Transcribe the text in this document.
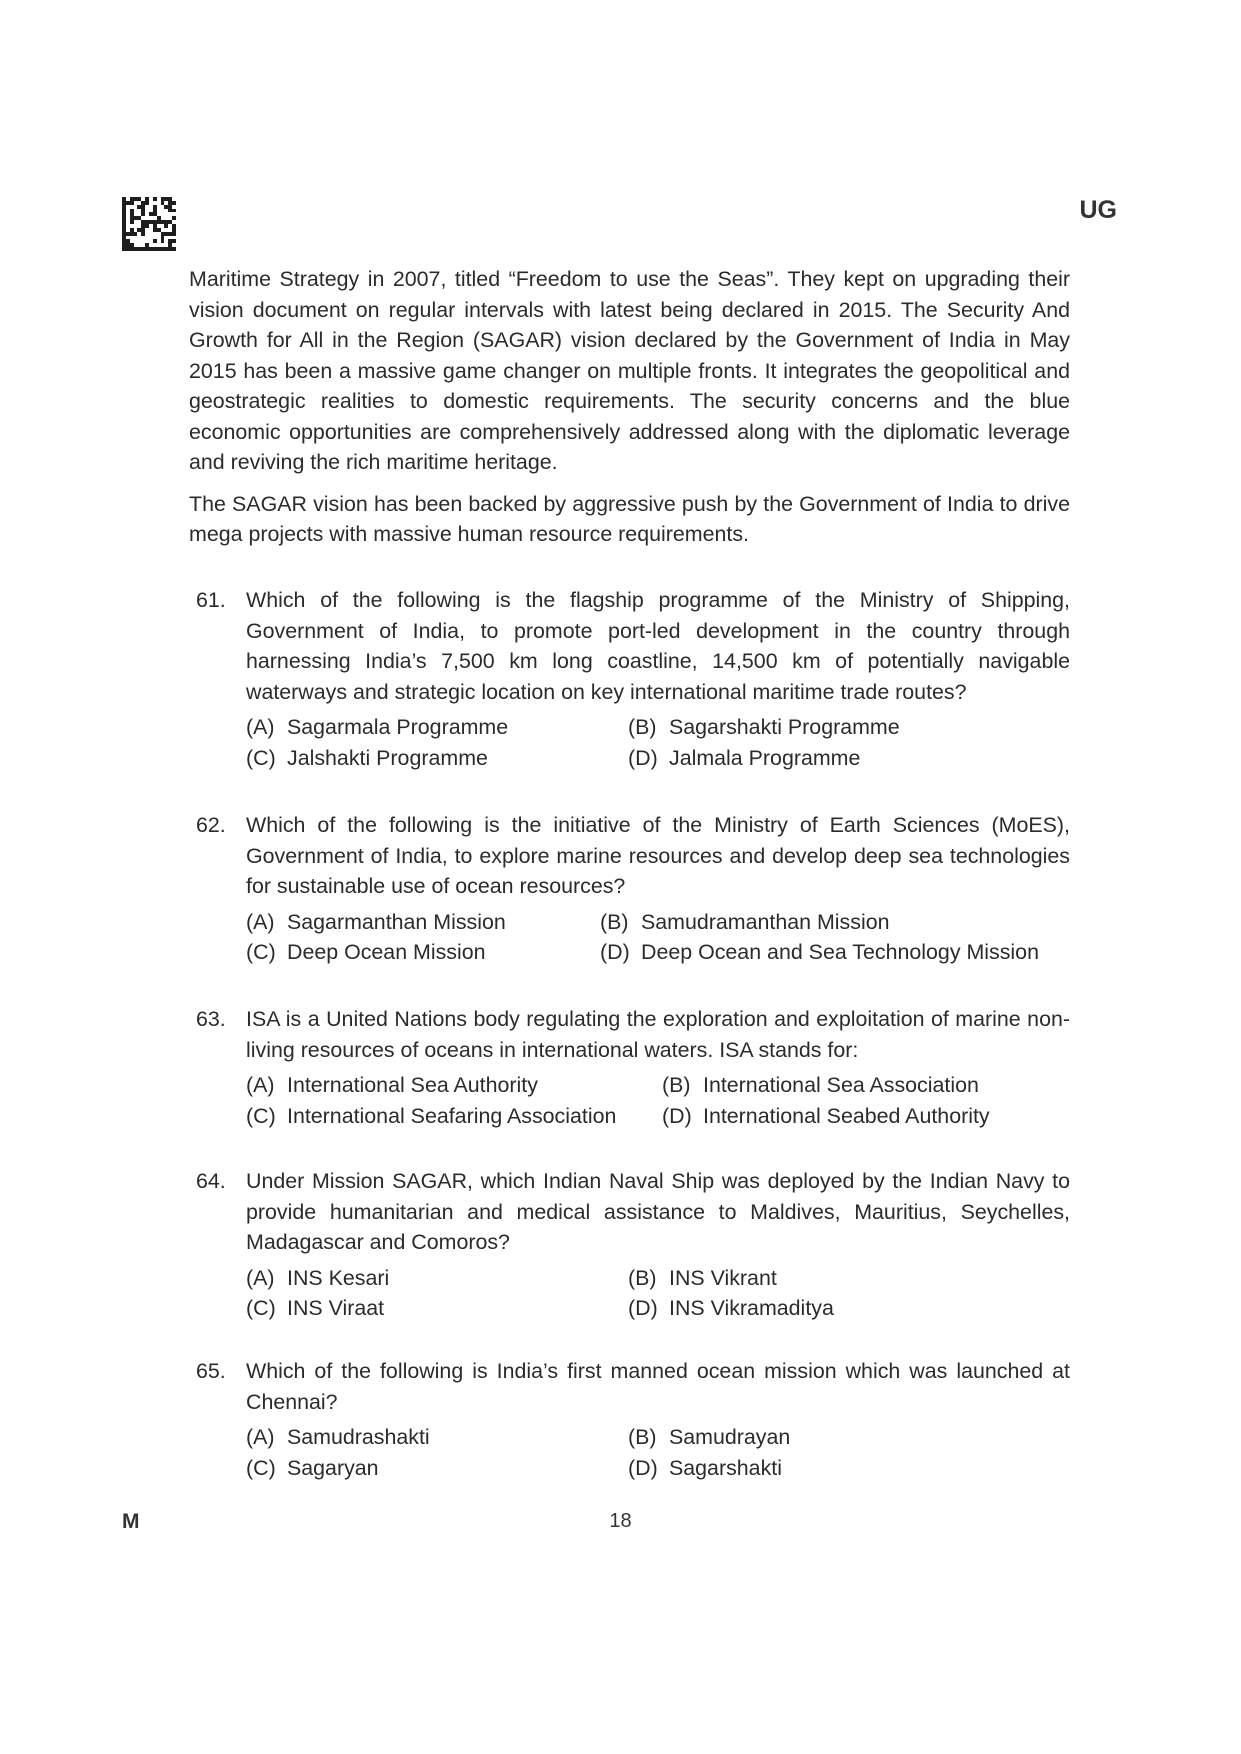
UG

Maritime Strategy in 2007, titled “Freedom to use the Seas”. They kept on upgrading their vision document on regular intervals with latest being declared in 2015. The Security And Growth for All in the Region (SAGAR) vision declared by the Government of India in May 2015 has been a massive game changer on multiple fronts. It integrates the geopolitical and geostrategic realities to domestic requirements. The security concerns and the blue economic opportunities are comprehensively addressed along with the diplomatic leverage and reviving the rich maritime heritage.

The SAGAR vision has been backed by aggressive push by the Government of India to drive mega projects with massive human resource requirements.

61. Which of the following is the flagship programme of the Ministry of Shipping, Government of India, to promote port-led development in the country through harnessing India’s 7,500 km long coastline, 14,500 km of potentially navigable waterways and strategic location on key international maritime trade routes?
(A) Sagarmala Programme	(B) Sagarshakti Programme
(C) Jalshakti Programme	(D) Jalmala Programme
62. Which of the following is the initiative of the Ministry of Earth Sciences (MoES), Government of India, to explore marine resources and develop deep sea technologies for sustainable use of ocean resources?
(A) Sagarmanthan Mission	(B) Samudramanthan Mission
(C) Deep Ocean Mission	(D) Deep Ocean and Sea Technology Mission
63. ISA is a United Nations body regulating the exploration and exploitation of marine non-living resources of oceans in international waters. ISA stands for:
(A) International Sea Authority	(B) International Sea Association
(C) International Seafaring Association (D) International Seabed Authority
64. Under Mission SAGAR, which Indian Naval Ship was deployed by the Indian Navy to provide humanitarian and medical assistance to Maldives, Mauritius, Seychelles, Madagascar and Comoros?
(A) INS Kesari	(B) INS Vikrant
(C) INS Viraat	(D) INS Vikramaditya
65. Which of the following is India’s first manned ocean mission which was launched at Chennai?
(A) Samudrashakti	(B) Samudrayan
(C) Sagaryan	(D) Sagarshakti
M	18
